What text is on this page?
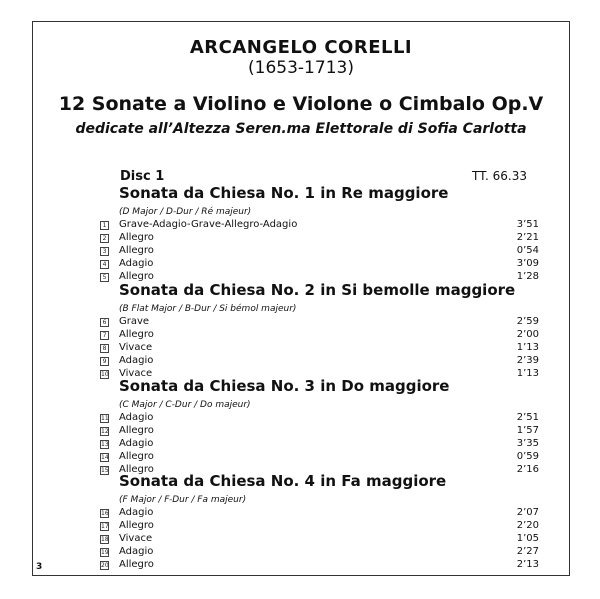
ARCANGELO CORELLI
(1653-1713)
12 Sonate a Violino e Violone o Cimbalo Op.V
dedicate all’Altezza Seren.ma Elettorale di Sofia Carlotta
Disc 1	TT. 66.33
Sonata da Chiesa No. 1 in Re maggiore
(D Major / D-Dur / Ré majeur)
1 Grave-Adagio-Grave-Allegro-Adagio	3’51
2 Allegro	2’21
3 Allegro	0’54
4 Adagio	3’09
5 Allegro	1’28
Sonata da Chiesa No. 2 in Si bemolle maggiore
(B Flat Major / B-Dur / Si bémol majeur)
6 Grave	2’59
7 Allegro	2’00
8 Vivace	1’13
9 Adagio	2’39
10 Vivace	1’13
Sonata da Chiesa No. 3 in Do maggiore
(C Major / C-Dur / Do majeur)
11 Adagio	2’51
12 Allegro	1’57
13 Adagio	3’35
14 Allegro	0’59
15 Allegro	2’16
Sonata da Chiesa No. 4 in Fa maggiore
(F Major / F-Dur / Fa majeur)
16 Adagio	2’07
17 Allegro	2’20
18 Vivace	1’05
19 Adagio	2’27
20 Allegro	2’13
3
